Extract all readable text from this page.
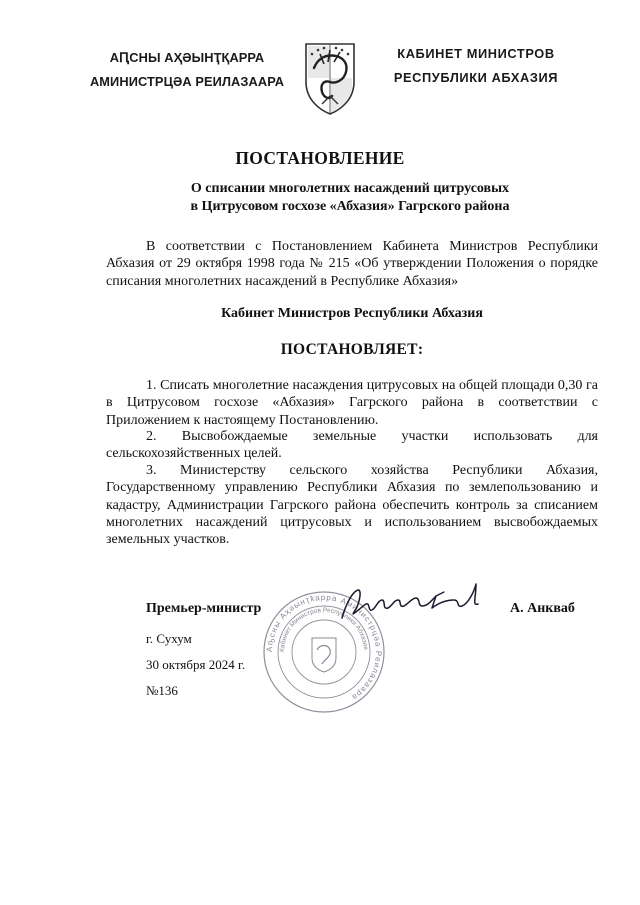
АԤСНЫ АҲӘЫНҬҚАРРА
АМИНИСТРЦӘА РЕИЛАЗААРА
КАБИНЕТ МИНИСТРОВ
РЕСПУБЛИКИ АБХАЗИЯ
ПОСТАНОВЛЕНИЕ
О списании многолетних насаждений цитрусовых
в Цитрусовом госхозе «Абхазия» Гагрского района
В соответствии с Постановлением Кабинета Министров Республики Абхазия от 29 октября 1998 года № 215 «Об утверждении Положения о порядке списания многолетних насаждений в Республике Абхазия»
Кабинет Министров Республики Абхазия
ПОСТАНОВЛЯЕТ:
1. Списать многолетние насаждения цитрусовых на общей площади 0,30 га в Цитрусовом госхозе «Абхазия» Гагрского района в соответствии с Приложением к настоящему Постановлению.
2. Высвобождаемые земельные участки использовать для сельскохозяйственных целей.
3. Министерству сельского хозяйства Республики Абхазия, Государственному управлению Республики Абхазия по землепользованию и кадастру, Администрации Гагрского района обеспечить контроль за списанием многолетних насаждений цитрусовых и использованием высвобождаемых земельных участков.
Аҧсны Аҳәынҭҟарра Аминистрцәа Реилазаара
Кабинет Министров Республики Абхазия
Премьер-министр	А. Анкваб
г. Сухум
30 октября 2024 г.
№136
